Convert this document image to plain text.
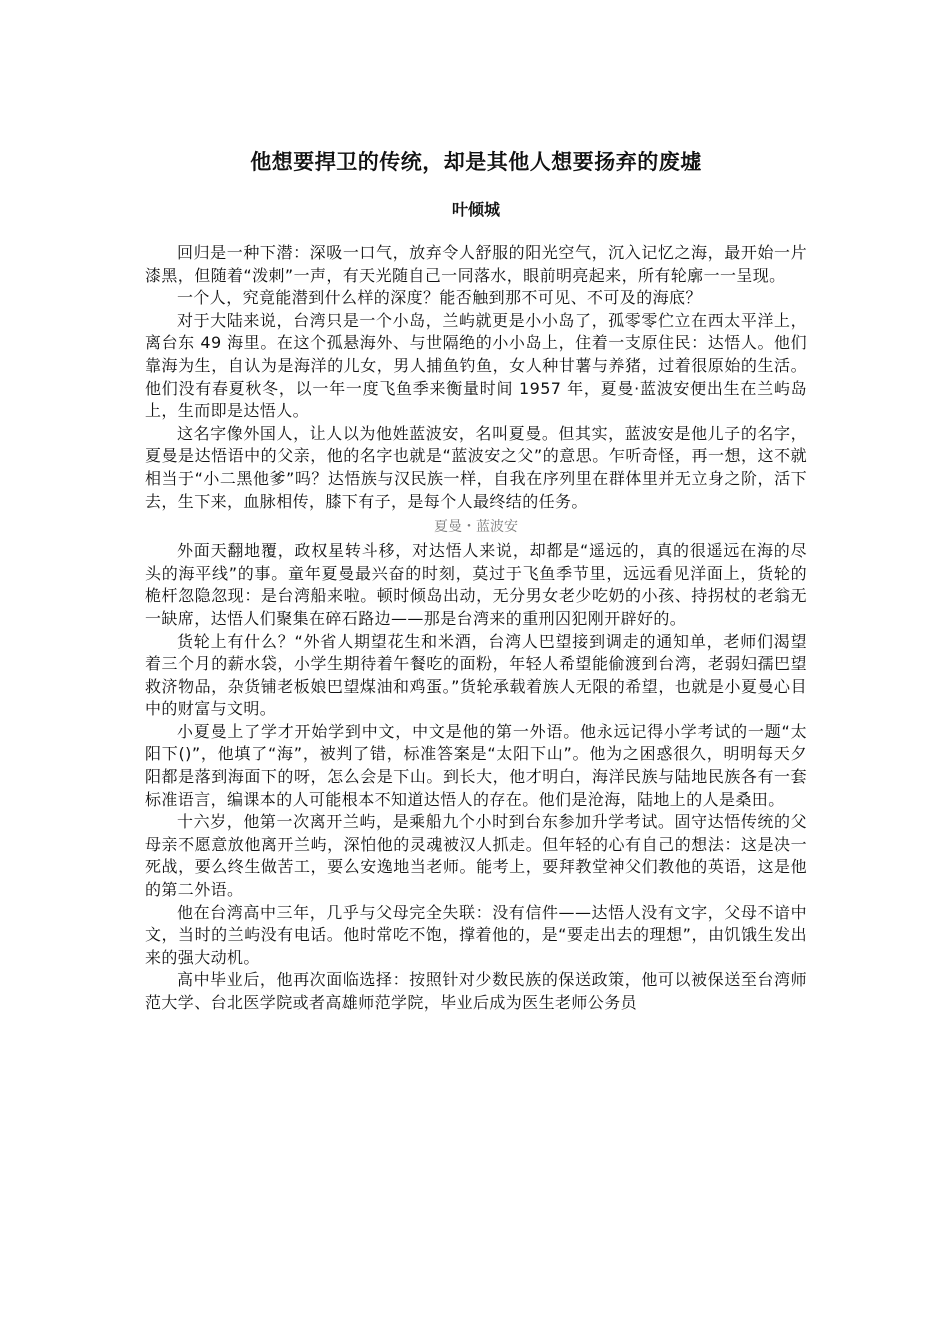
他想要捍卫的传统，却是其他人想要扬弃的废墟
叶倾城

回归是一种下潜：深吸一口气，放弃令人舒服的阳光空气，沉入记忆之海，最开始一片漆黑，但随着“泼刺”一声，有天光随自己一同落水，眼前明亮起来，所有轮廓一一呈现。

一个人，究竟能潜到什么样的深度？能否触到那不可见、不可及的海底？

对于大陆来说，台湾只是一个小岛，兰屿就更是小小岛了，孤零零伫立在西太平洋上，离台东 49 海里。在这个孤悬海外、与世隔绝的小小岛上，住着一支原住民：达悟人。他们靠海为生，自认为是海洋的儿女，男人捕鱼钓鱼，女人种甘薯与养猪，过着很原始的生活。他们没有春夏秋冬，以一年一度飞鱼季来衡量时间 1957 年，夏曼·蓝波安便出生在兰屿岛上，生而即是达悟人。

这名字像外国人，让人以为他姓蓝波安，名叫夏曼。但其实，蓝波安是他儿子的名字，夏曼是达悟语中的父亲，他的名字也就是“蓝波安之父”的意思。乍听奇怪，再一想，这不就相当于“小二黑他爹”吗？达悟族与汉民族一样，自我在序列里在群体里并无立身之阶，活下去，生下来，血脉相传，膝下有子，是每个人最终结的任务。

夏曼・蓝波安

外面天翻地覆，政权星转斗移，对达悟人来说，却都是“遥远的，真的很遥远在海的尽头的海平线”的事。童年夏曼最兴奋的时刻，莫过于飞鱼季节里，远远看见洋面上，货轮的桅杆忽隐忽现：是台湾船来啦。顿时倾岛出动，无分男女老少吃奶的小孩、持拐杖的老翁无一缺席，达悟人们聚集在碎石路边——那是台湾来的重刑囚犯刚开辟好的。

货轮上有什么？“外省人期望花生和米酒，台湾人巴望接到调走的通知单，老师们渴望着三个月的薪水袋，小学生期待着午餐吃的面粉，年轻人希望能偷渡到台湾，老弱妇孺巴望救济物品，杂货铺老板娘巴望煤油和鸡蛋。”货轮承载着族人无限的希望，也就是小夏曼心目中的财富与文明。

小夏曼上了学才开始学到中文，中文是他的第一外语。他永远记得小学考试的一题“太阳下()”，他填了“海”，被判了错，标准答案是“太阳下山”。他为之困惑很久，明明每天夕阳都是落到海面下的呀，怎么会是下山。到长大，他才明白，海洋民族与陆地民族各有一套标准语言，编课本的人可能根本不知道达悟人的存在。他们是沧海，陆地上的人是桑田。

十六岁，他第一次离开兰屿，是乘船九个小时到台东参加升学考试。固守达悟传统的父母亲不愿意放他离开兰屿，深怕他的灵魂被汉人抓走。但年轻的心有自己的想法：这是决一死战，要么终生做苦工，要么安逸地当老师。能考上，要拜教堂神父们教他的英语，这是他的第二外语。

他在台湾高中三年，几乎与父母完全失联：没有信件——达悟人没有文字，父母不谙中文，当时的兰屿没有电话。他时常吃不饱，撑着他的，是“要走出去的理想”，由饥饿生发出来的强大动机。

高中毕业后，他再次面临选择：按照针对少数民族的保送政策，他可以被保送至台湾师范大学、台北医学院或者高雄师范学院，毕业后成为医生老师公务员
